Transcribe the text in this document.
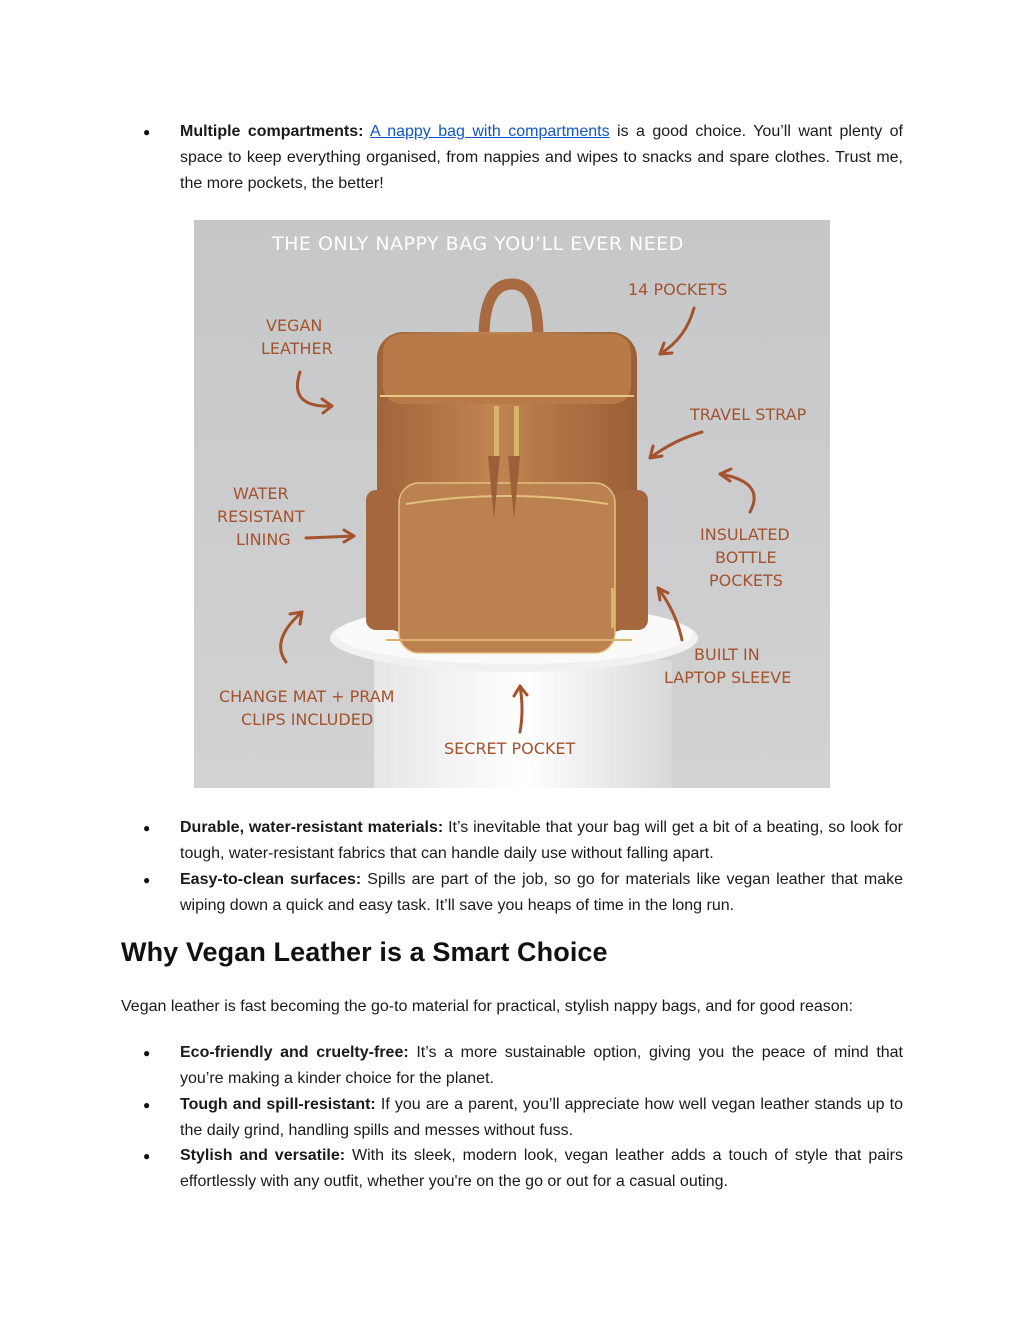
● Multiple compartments: A nappy bag with compartments is a good choice. You’ll want plenty of space to keep everything organised, from nappies and wipes to snacks and spare clothes. Trust me, the more pockets, the better!
THE ONLY NAPPY BAG YOU’LL EVER NEED
14 POCKETS
VEGAN
LEATHER
TRAVEL STRAP
WATER
RESISTANT
LINING	INSULATED
BOTTLE
POCKETS
BUILT IN
LAPTOP SLEEVE
CHANGE MAT + PRAM
CLIPS INCLUDED
SECRET POCKET
● Durable, water-resistant materials: It’s inevitable that your bag will get a bit of a beating, so look for tough, water-resistant fabrics that can handle daily use without falling apart.
● Easy-to-clean surfaces: Spills are part of the job, so go for materials like vegan leather that make wiping down a quick and easy task. It’ll save you heaps of time in the long run.
Why Vegan Leather is a Smart Choice

Vegan leather is fast becoming the go-to material for practical, stylish nappy bags, and for good reason:

● Eco-friendly and cruelty-free: It’s a more sustainable option, giving you the peace of mind that you’re making a kinder choice for the planet.
● Tough and spill-resistant: If you are a parent, you’ll appreciate how well vegan leather stands up to the daily grind, handling spills and messes without fuss.
● Stylish and versatile: With its sleek, modern look, vegan leather adds a touch of style that pairs effortlessly with any outfit, whether you're on the go or out for a casual outing.
